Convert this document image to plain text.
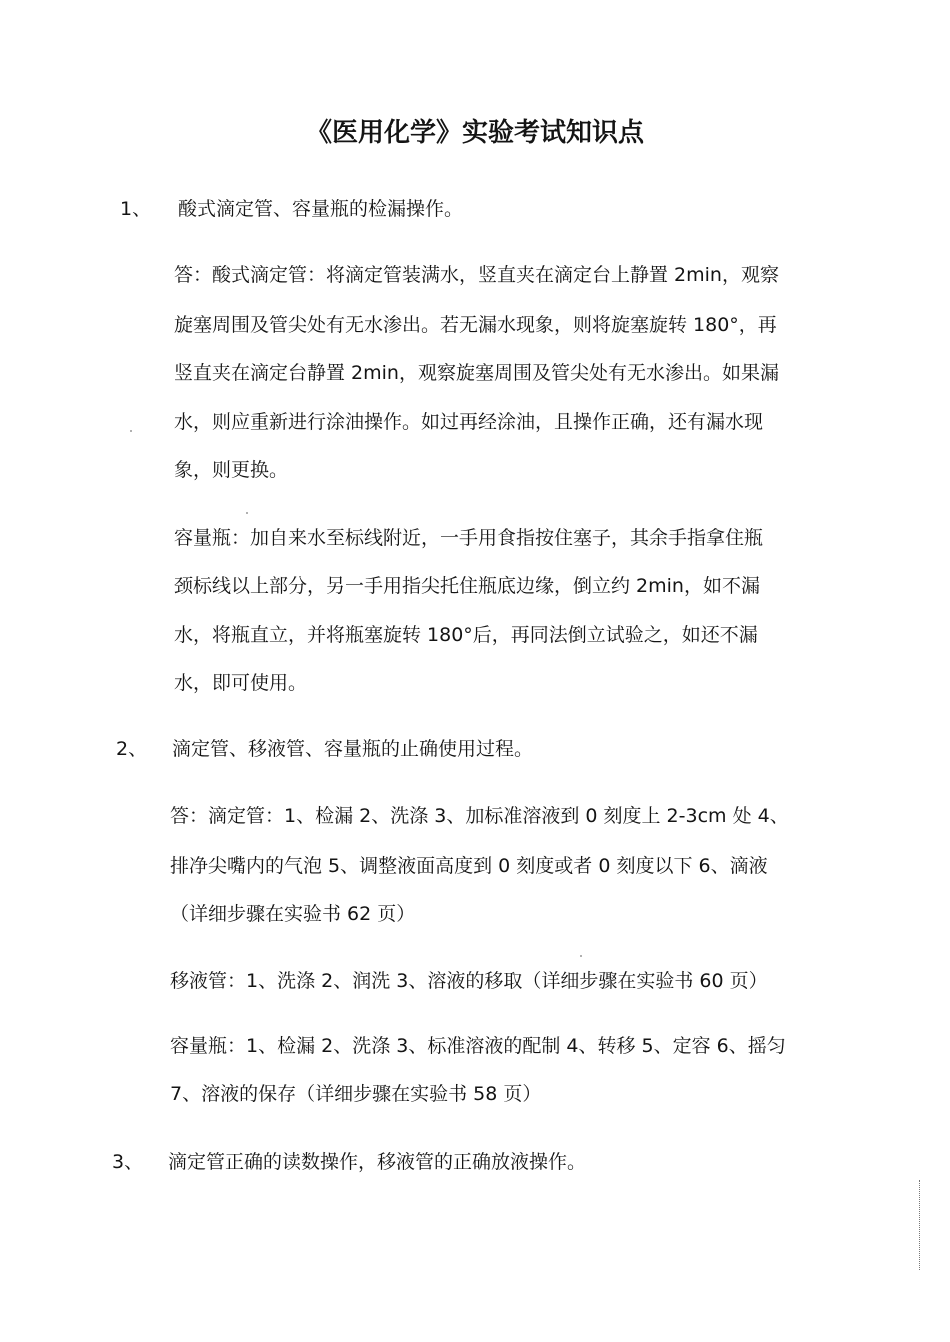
《医用化学》实验考试知识点
1、 酸式滴定管、容量瓶的检漏操作。
答：酸式滴定管：将滴定管装满水，竖直夹在滴定台上静置 2min，观察
旋塞周围及管尖处有无水渗出。若无漏水现象，则将旋塞旋转 180°，再
竖直夹在滴定台静置 2min，观察旋塞周围及管尖处有无水渗出。如果漏
水，则应重新进行涂油操作。如过再经涂油，且操作正确，还有漏水现
象，则更换。
容量瓶：加自来水至标线附近，一手用食指按住塞子，其余手指拿住瓶
颈标线以上部分，另一手用指尖托住瓶底边缘，倒立约 2min，如不漏
水，将瓶直立，并将瓶塞旋转 180°后，再同法倒立试验之，如还不漏
水，即可使用。
2、 滴定管、移液管、容量瓶的止确使用过程。
答：滴定管：1、检漏 2、洗涤 3、加标准溶液到 0 刻度上 2-3cm 处 4、
排净尖嘴内的气泡 5、调整液面高度到 0 刻度或者 0 刻度以下 6、滴液
（详细步骤在实验书 62 页）
移液管：1、洗涤 2、润洗 3、溶液的移取（详细步骤在实验书 60 页）
容量瓶：1、检漏 2、洗涤 3、标准溶液的配制 4、转移 5、定容 6、摇匀
7、溶液的保存（详细步骤在实验书 58 页）
3、 滴定管正确的读数操作，移液管的正确放液操作。
